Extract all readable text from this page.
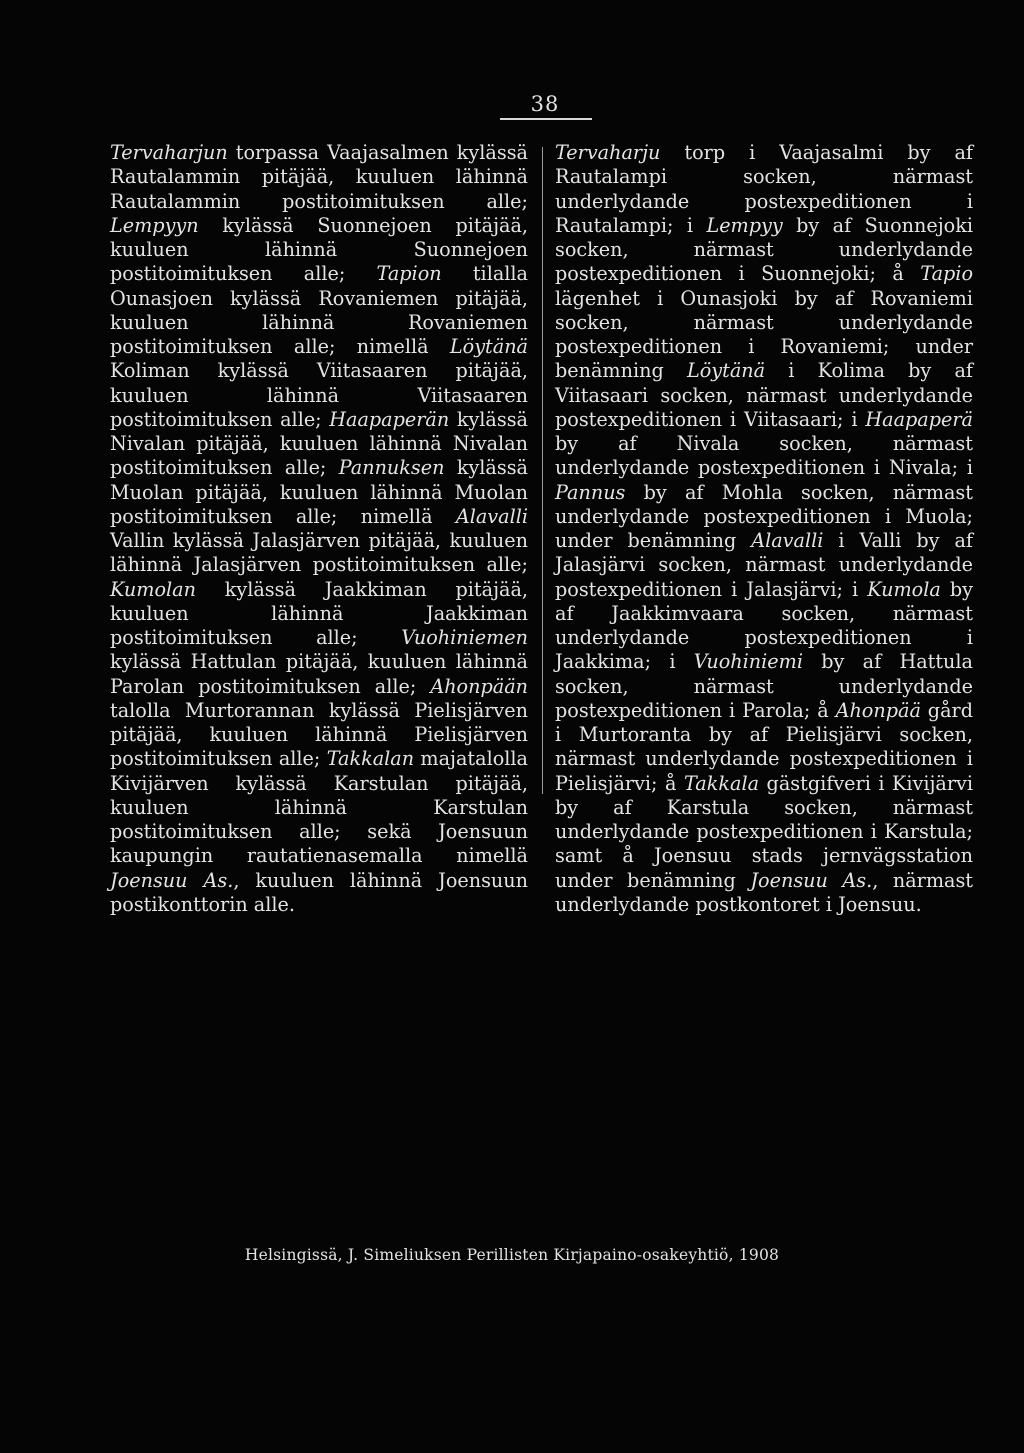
38

Tervaharjun torpassa Vaajasalmen kylässä Rautalammin pitäjää, kuuluen lähinnä Rautalammin postitoimituksen alle; Lempyyn kylässä Suonnejoen pitäjää, kuuluen lähinnä Suonnejoen postitoimituksen alle; Tapion tilalla Ounasjoen kylässä Rovaniemen pitäjää, kuuluen lähinnä Rovaniemen postitoimituksen alle; nimellä Löytänä Koliman kylässä Viitasaaren pitäjää, kuuluen lähinnä Viitasaaren postitoimituksen alle; Haapaperän kylässä Nivalan pitäjää, kuuluen lähinnä Nivalan postitoimituksen alle; Pannuksen kylässä Muolan pitäjää, kuuluen lähinnä Muolan postitoimituksen alle; nimellä Alavalli Vallin kylässä Jalasjärven pitäjää, kuuluen lähinnä Jalasjärven postitoimituksen alle; Kumolan kylässä Jaakkiman pitäjää, kuuluen lähinnä Jaakkiman postitoimituksen alle; Vuohiniemen kylässä Hattulan pitäjää, kuuluen lähinnä Parolan postitoimituksen alle; Ahonpään talolla Murtorannan kylässä Pielisjärven pitäjää, kuuluen lähinnä Pielisjärven postitoimituksen alle; Takkalan majatalolla Kivijärven kylässä Karstulan pitäjää, kuuluen lähinnä Karstulan postitoimituksen alle; sekä Joensuun kaupungin rautatienasemalla nimellä Joensuu As., kuuluen lähinnä Joensuun postikonttorin alle.

Tervaharju torp i Vaajasalmi by af Rautalampi socken, närmast underlydande postexpeditionen i Rautalampi; i Lempyy by af Suonnejoki socken, närmast underlydande postexpeditionen i Suonnejoki; å Tapio lägenhet i Ounasjoki by af Rovaniemi socken, närmast underlydande postexpeditionen i Rovaniemi; under benämning Löytänä i Kolima by af Viitasaari socken, närmast underlydande postexpeditionen i Viitasaari; i Haapaperä by af Nivala socken, närmast underlydande postexpeditionen i Nivala; i Pannus by af Mohla socken, närmast underlydande postexpeditionen i Muola; under benämning Alavalli i Valli by af Jalasjärvi socken, närmast underlydande postexpeditionen i Jalasjärvi; i Kumola by af Jaakkimvaara socken, närmast underlydande postexpeditionen i Jaakkima; i Vuohiniemi by af Hattula socken, närmast underlydande postexpeditionen i Parola; å Ahonpää gård i Murtoranta by af Pielisjärvi socken, närmast underlydande postexpeditionen i Pielisjärvi; å Takkala gästgifveri i Kivijärvi by af Karstula socken, närmast underlydande postexpeditionen i Karstula; samt å Joensuu stads jernvägsstation under benämning Joensuu As., närmast underlydande postkontoret i Joensuu.

Helsingissä, J. Simeliuksen Perillisten Kirjapaino-osakeyhtiö, 1908
